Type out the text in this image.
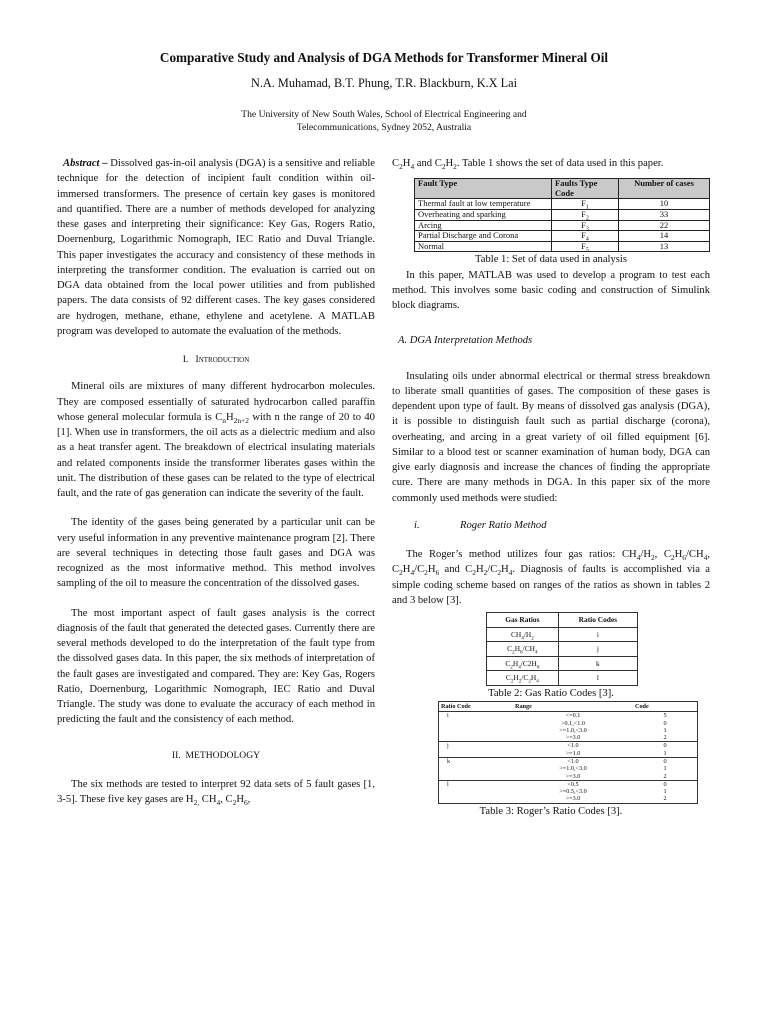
Comparative Study and Analysis of DGA Methods for Transformer Mineral Oil
N.A. Muhamad, B.T. Phung, T.R. Blackburn, K.X Lai
The University of New South Wales, School of Electrical Engineering and
Telecommunications, Sydney 2052, Australia

Abstract – Dissolved gas-in-oil analysis (DGA) is a sensitive and reliable technique for the detection of incipient fault condition within oil-immersed transformers. The presence of certain key gases is monitored and quantified. There are a number of methods developed for analyzing these gases and interpreting their significance: Key Gas, Rogers Ratio, Doernenburg, Logarithmic Nomograph, IEC Ratio and Duval Triangle. This paper investigates the accuracy and consistency of these methods in interpreting the transformer condition. The evaluation is carried out on DGA data obtained from the local power utilities and from published papers. The data consists of 92 different cases. The key gases considered are hydrogen, methane, ethane, ethylene and acetylene. A MATLAB program was developed to automate the evaluation of the methods.

I. Introduction

Mineral oils are mixtures of many different hydrocarbon molecules. They are composed essentially of saturated hydrocarbon called paraffin whose general molecular formula is $C_nH_{2n+2}$ with n the range of 20 to 40 [1]. When use in transformers, the oil acts as a dielectric medium and also as a heat transfer agent. The breakdown of electrical insulating materials and related components inside the transformer liberates gases within the unit. The distribution of these gases can be related to the type of electrical fault, and the rate of gas generation can indicate the severity of the fault.

The identity of the gases being generated by a particular unit can be very useful information in any preventive maintenance program [2]. There are several techniques in detecting those fault gases and DGA was recognized as the most informative method. This method involves sampling of the oil to measure the concentration of the dissolved gases.

The most important aspect of fault gases analysis is the correct diagnosis of the fault that generated the detected gases. Currently there are several methods developed to do the interpretation of the fault type from the dissolved gases data. In this paper, the six methods of interpretation of the fault gases are investigated and compared. They are: Key Gas, Rogers Ratio, Doernenburg, Logarithmic Nomograph, IEC Ratio and Duval Triangle. The study was done to evaluate the accuracy of each method in predicting the fault and the consistency of each method.

II. METHODOLOGY

The six methods are tested to interpret 92 data sets of 5 fault gases [1, 3-5]. These five key gases are $H_{2,}$ $CH_4$, $C_2H_6$,

$C_2H_4$ and $C_2H_2$. Table 1 shows the set of data used in this paper.

Fault Type	Faults Type Code	Number of cases
Thermal fault at low temperature	$F_1$	10
Overheating and sparking	$F_2$	33
Arcing	$F_3$	22
Partial Discharge and Corona	$F_4$	14
Normal	$F_5$	13
Table 1: Set of data used in analysis

In this paper, MATLAB was used to develop a program to test each method. This involves some basic coding and construction of Simulink block diagrams.

A. DGA Interpretation Methods

Insulating oils under abnormal electrical or thermal stress breakdown to liberate small quantities of gases. The composition of these gases is dependent upon type of fault. By means of dissolved gas analysis (DGA), it is possible to distinguish fault such as partial discharge (corona), overheating, and arcing in a great variety of oil filled equipment [6]. Similar to a blood test or scanner examination of human body, DGA can give early diagnosis and increase the chances of finding the appropriate cure. There are many methods in DGA. In this paper six of the more commonly used methods were studied:

i.	Roger Ratio Method

The Roger’s method utilizes four gas ratios: $CH_4/H_2$, $C_2H_6/CH_4$, $C_2H_4/C_2H_6$ and $C_2H_2/C_2H_4$. Diagnosis of faults is accomplished via a simple coding scheme based on ranges of the ratios as shown in tables 2 and 3 below [3].

Gas Ratios	Ratio Codes
$CH_4/H_2$	i
$C_2H_6/CH_4$	j
$C_2H_4/C2H_6$	k
$C_2H_2/C_2H_4$	l
Table 2: Gas Ratio Codes [3].
Ratio Code	Range	Code
i	<=0.1	5
	>0.1,<1.0	0
	>=1.0,<3.0	1
	>=3.0	2
j	<1.0	0
	>=1.0	1
k	<1.0	0
	>=1.0,<3.0	1
	>=3.0	2
l	<0.5	0
	>=0.5,<3.0	1
	>=3.0	2
Table 3: Roger’s Ratio Codes [3].
